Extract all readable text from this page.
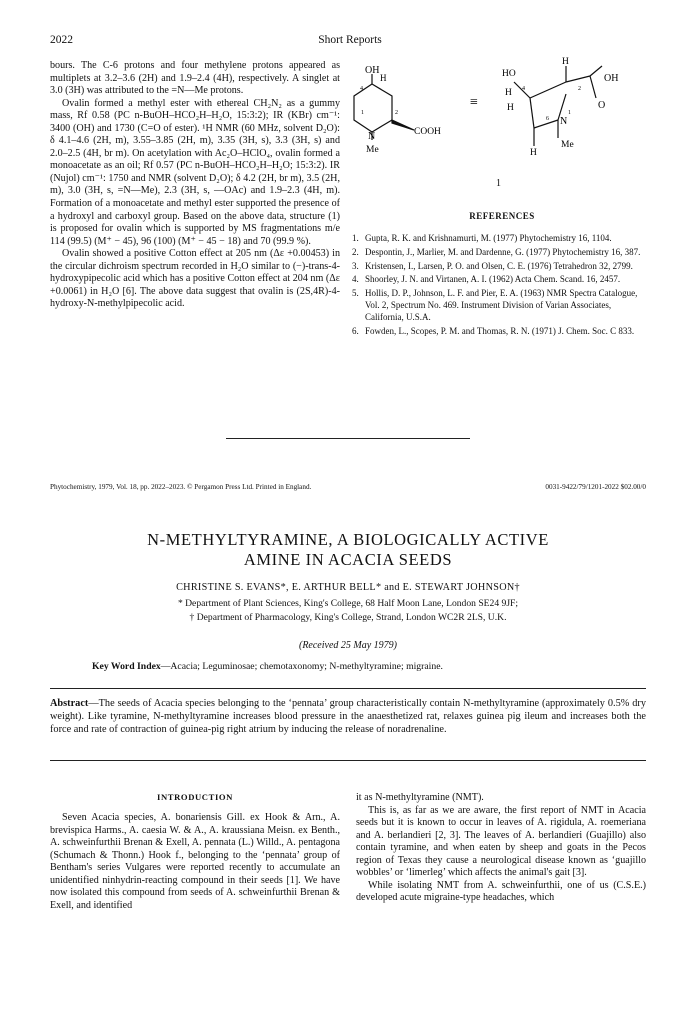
2022	Short Reports

bours. The C-6 protons and four methylene protons appeared as multiplets at 3.2–3.6 (2H) and 1.9–2.4 (4H), respectively. A singlet at 3.0 (3H) was attributed to the =N—Me protons.

Ovalin formed a methyl ester with ethereal CH₂N₂ as a gummy mass, Rf 0.58 (PC n-BuOH–HCO₂H–H₂O, 15:3:2); IR (KBr) cm⁻¹: 3400 (OH) and 1730 (C=O of ester). ¹H NMR (60 MHz, solvent D₂O): δ 4.1–4.6 (2H, m), 3.55–3.85 (2H, m), 3.35 (3H, s), 3.3 (3H, s) and 2.0–2.5 (4H, br m). On acetylation with Ac₂O–HClO₄, ovalin formed a monoacetate as an oil; Rf 0.57 (PC n-BuOH–HCO₂H–H₂O; 15:3:2). IR (Nujol) cm⁻¹: 1750 and NMR (solvent D₂O); δ 4.2 (2H, br m), 3.5 (2H, m), 3.0 (3H, s, =N—Me), 2.3 (3H, s, —OAc) and 1.9–2.3 (4H, m). Formation of a monoacetate and methyl ester supported the presence of a hydroxyl and carboxyl group. Based on the above data, structure (1) is proposed for ovalin which is supported by MS fragmentations m/e 114 (99.5) (M⁺ − 45), 96 (100) (M⁺ − 45 − 18) and 70 (99.9 %).

Ovalin showed a positive Cotton effect at 205 nm (Δε +0.00453) in the circular dichroism spectrum recorded in H₂O similar to (−)-trans-4-hydroxypipecolic acid which has a positive Cotton effect at 204 nm (Δε +0.0061) in H₂O [6]. The above data suggest that ovalin is (2S,4R)-4-hydroxy-N-methylpipecolic acid.

OH
H
4
1	2
N
Me
COOH
≡
HO
H
OH
H
H	O
N
Me
H
4	2
6
1
1
REFERENCES
1. Gupta, R. K. and Krishnamurti, M. (1977) Phytochemistry 16, 1104.
2. Despontin, J., Marlier, M. and Dardenne, G. (1977) Phytochemistry 16, 387.
3. Kristensen, I., Larsen, P. O. and Olsen, C. E. (1976) Tetrahedron 32, 2799.
4. Shoorley, J. N. and Virtanen, A. I. (1962) Acta Chem. Scand. 16, 2457.
5. Hollis, D. P., Johnson, L. F. and Pier, E. A. (1963) NMR Spectra Catalogue, Vol. 2, Spectrum No. 469. Instrument Division of Varian Associates, California, U.S.A.
6. Fowden, L., Scopes, P. M. and Thomas, R. N. (1971) J. Chem. Soc. C 833.
Phytochemistry, 1979, Vol. 18, pp. 2022–2023. © Pergamon Press Ltd. Printed in England.	0031-9422/79/1201-2022 $02.00/0
N-METHYLTYRAMINE, A BIOLOGICALLY ACTIVE
AMINE IN ACACIA SEEDS
CHRISTINE S. EVANS*, E. ARTHUR BELL* and E. STEWART JOHNSON†
* Department of Plant Sciences, King's College, 68 Half Moon Lane, London SE24 9JF;
† Department of Pharmacology, King's College, Strand, London WC2R 2LS, U.K.
(Received 25 May 1979)
Key Word Index—Acacia; Leguminosae; chemotaxonomy; N-methyltyramine; migraine.
Abstract—The seeds of Acacia species belonging to the ‘pennata’ group characteristically contain N-methyltyramine (approximately 0.5% dry weight). Like tyramine, N-methyltyramine increases blood pressure in the anaesthetized rat, relaxes guinea pig ileum and increases both the force and rate of contraction of guinea-pig right atrium by inducing the release of noradrenaline.
INTRODUCTION

Seven Acacia species, A. bonariensis Gill. ex Hook & Arn., A. brevispica Harms., A. caesia W. & A., A. kraussiana Meisn. ex Benth., A. schweinfurthii Brenan & Exell, A. pennata (L.) Willd., A. pentagona (Schumach & Thonn.) Hook f., belonging to the ‘pennata’ group of Bentham's series Vulgares were reported recently to accumulate an unidentified ninhydrin-reacting compound in their seeds [1]. We have now isolated this compound from seeds of A. schweinfurthii Brenan & Exell, and identified

it as N-methyltyramine (NMT).

This is, as far as we are aware, the first report of NMT in Acacia seeds but it is known to occur in leaves of A. rigidula, A. roemeriana and A. berlandieri [2, 3]. The leaves of A. berlandieri (Guajillo) also contain tyramine, and when eaten by sheep and goats in the Pecos region of Texas they cause a neurological disease known as ‘guajillo wobbles’ or ‘limerleg’ which affects the animal's gait [3].

While isolating NMT from A. schweinfurthii, one of us (C.S.E.) developed acute migraine-type headaches, which
